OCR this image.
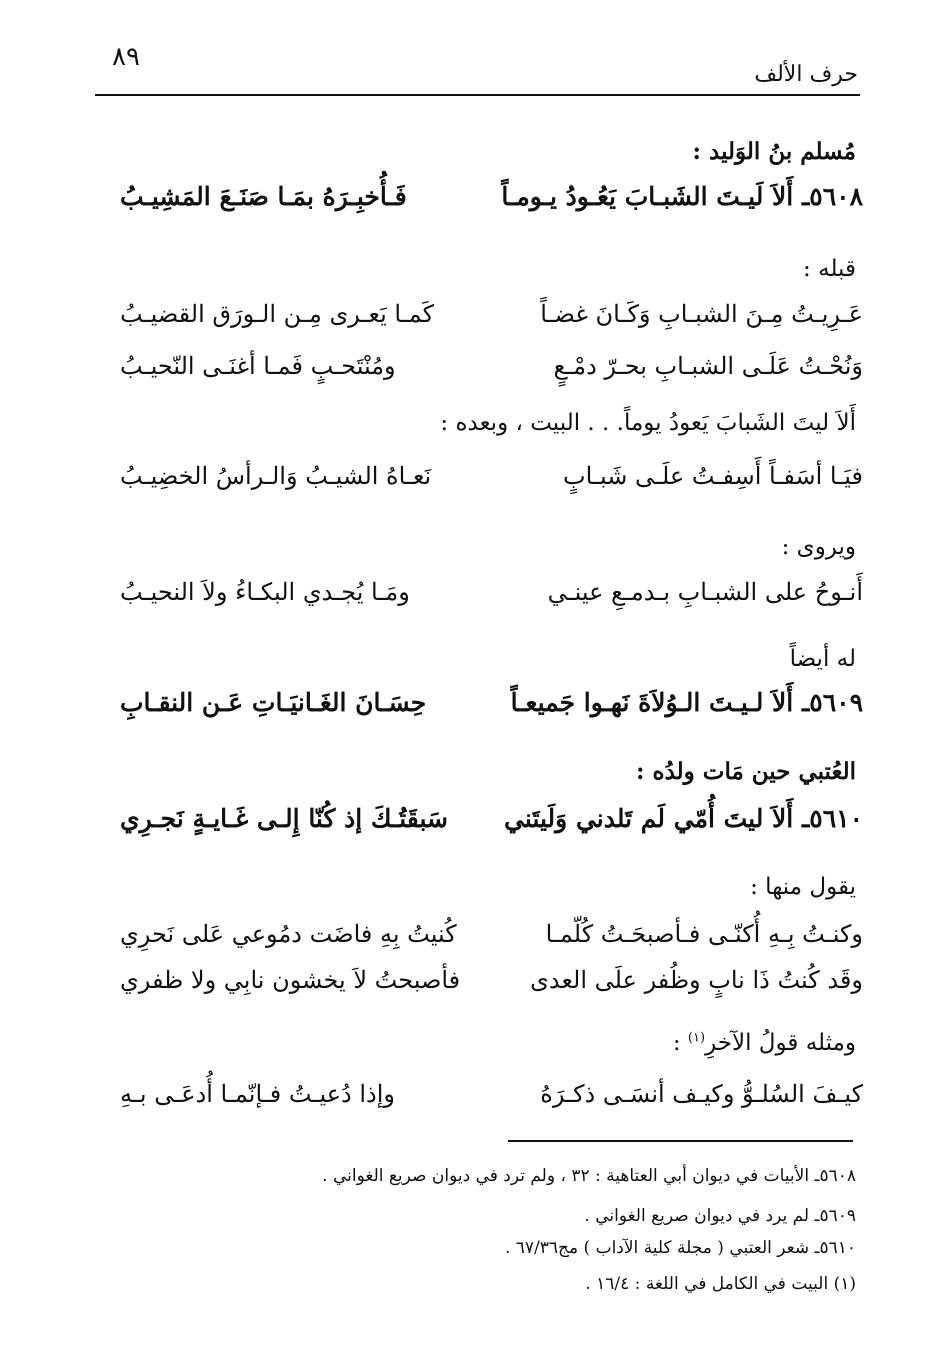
٨٩
حرف الألف
مُسلم بنُ الوَليد :
٥٦٠٨ـ أَلاَ لَيـتَ الشَبـابَ يَعُـودُ يـومـاً
فَـأُخبِـرَهُ بمَـا صَنَـعَ المَشِيـبُ
قبله :
عَـرِيـتُ مِـنَ الشبـابِ وَكَـانَ غضـاً
كَمـا يَعـرى مِـن الـورَق القضيـبُ
وَنُحْـتُ عَلَـى الشبـابِ بحـرّ دمْـعٍ
ومُنْتَحـبٍ فَمـا أغنَـى النّحيـبُ
أَلاَ ليتَ الشَبابَ يَعودُ يوماً. . . البيت ، وبعده :
فيَـا أسَفـاً أَسِفـتُ علَـى شَبـابٍ
نَعـاهُ الشيـبُ وَالـرأسُ الخضِيـبُ
ويروى :
أَنـوحُ على الشبـابِ بـدمـعِ عينـي
ومَـا يُجـدي البكـاءُ ولاَ النحيـبُ
له أيضاً
٥٦٠٩ـ أَلاَ لـيـتَ الـوُلاَةَ نَهـوا جَميعـاً
حِسَـانَ الغَـانيَـاتِ عَـن النقـابِ
العُتبي حين مَات ولدُه :
٥٦١٠ـ أَلاَ ليتَ أُمّي لَم تَلدني وَلَيتَني
سَبقَتُـكَ إذ كُنّا إِلـى غَـايـةٍ نَجـرِي
يقول منها :
وكنـتُ بِـهِ أُكنّـى فـأصبحَـتُ كُلّمـا
كُنيتُ بِهِ فاضَت دمُوعي عَلى نَحرِي
وقَد كُنتُ ذَا نابٍ وظُفر علَى العدى
فأصبحتُ لاَ يخشون نابِي ولا ظفري
ومثله قولُ الآخرِ$^{(١)}$ :
كيـفَ السُلـوُّ وكيـف أنسَـى ذكـرَهُ
وإذا دُعيـتُ فـإنّمـا أُدعَـى بـهِ
٥٦٠٨ـ الأبيات في ديوان أبي العتاهية : ٣٢ ، ولم ترد في ديوان صريع الغواني .
٥٦٠٩ـ لم يرد في ديوان صريع الغواني .
٥٦١٠ـ شعر العتبي ( مجلة كلية الآداب ) مج٦٧/٣٦ .
(١) البيت في الكامل في اللغة : ١٦/٤ .
